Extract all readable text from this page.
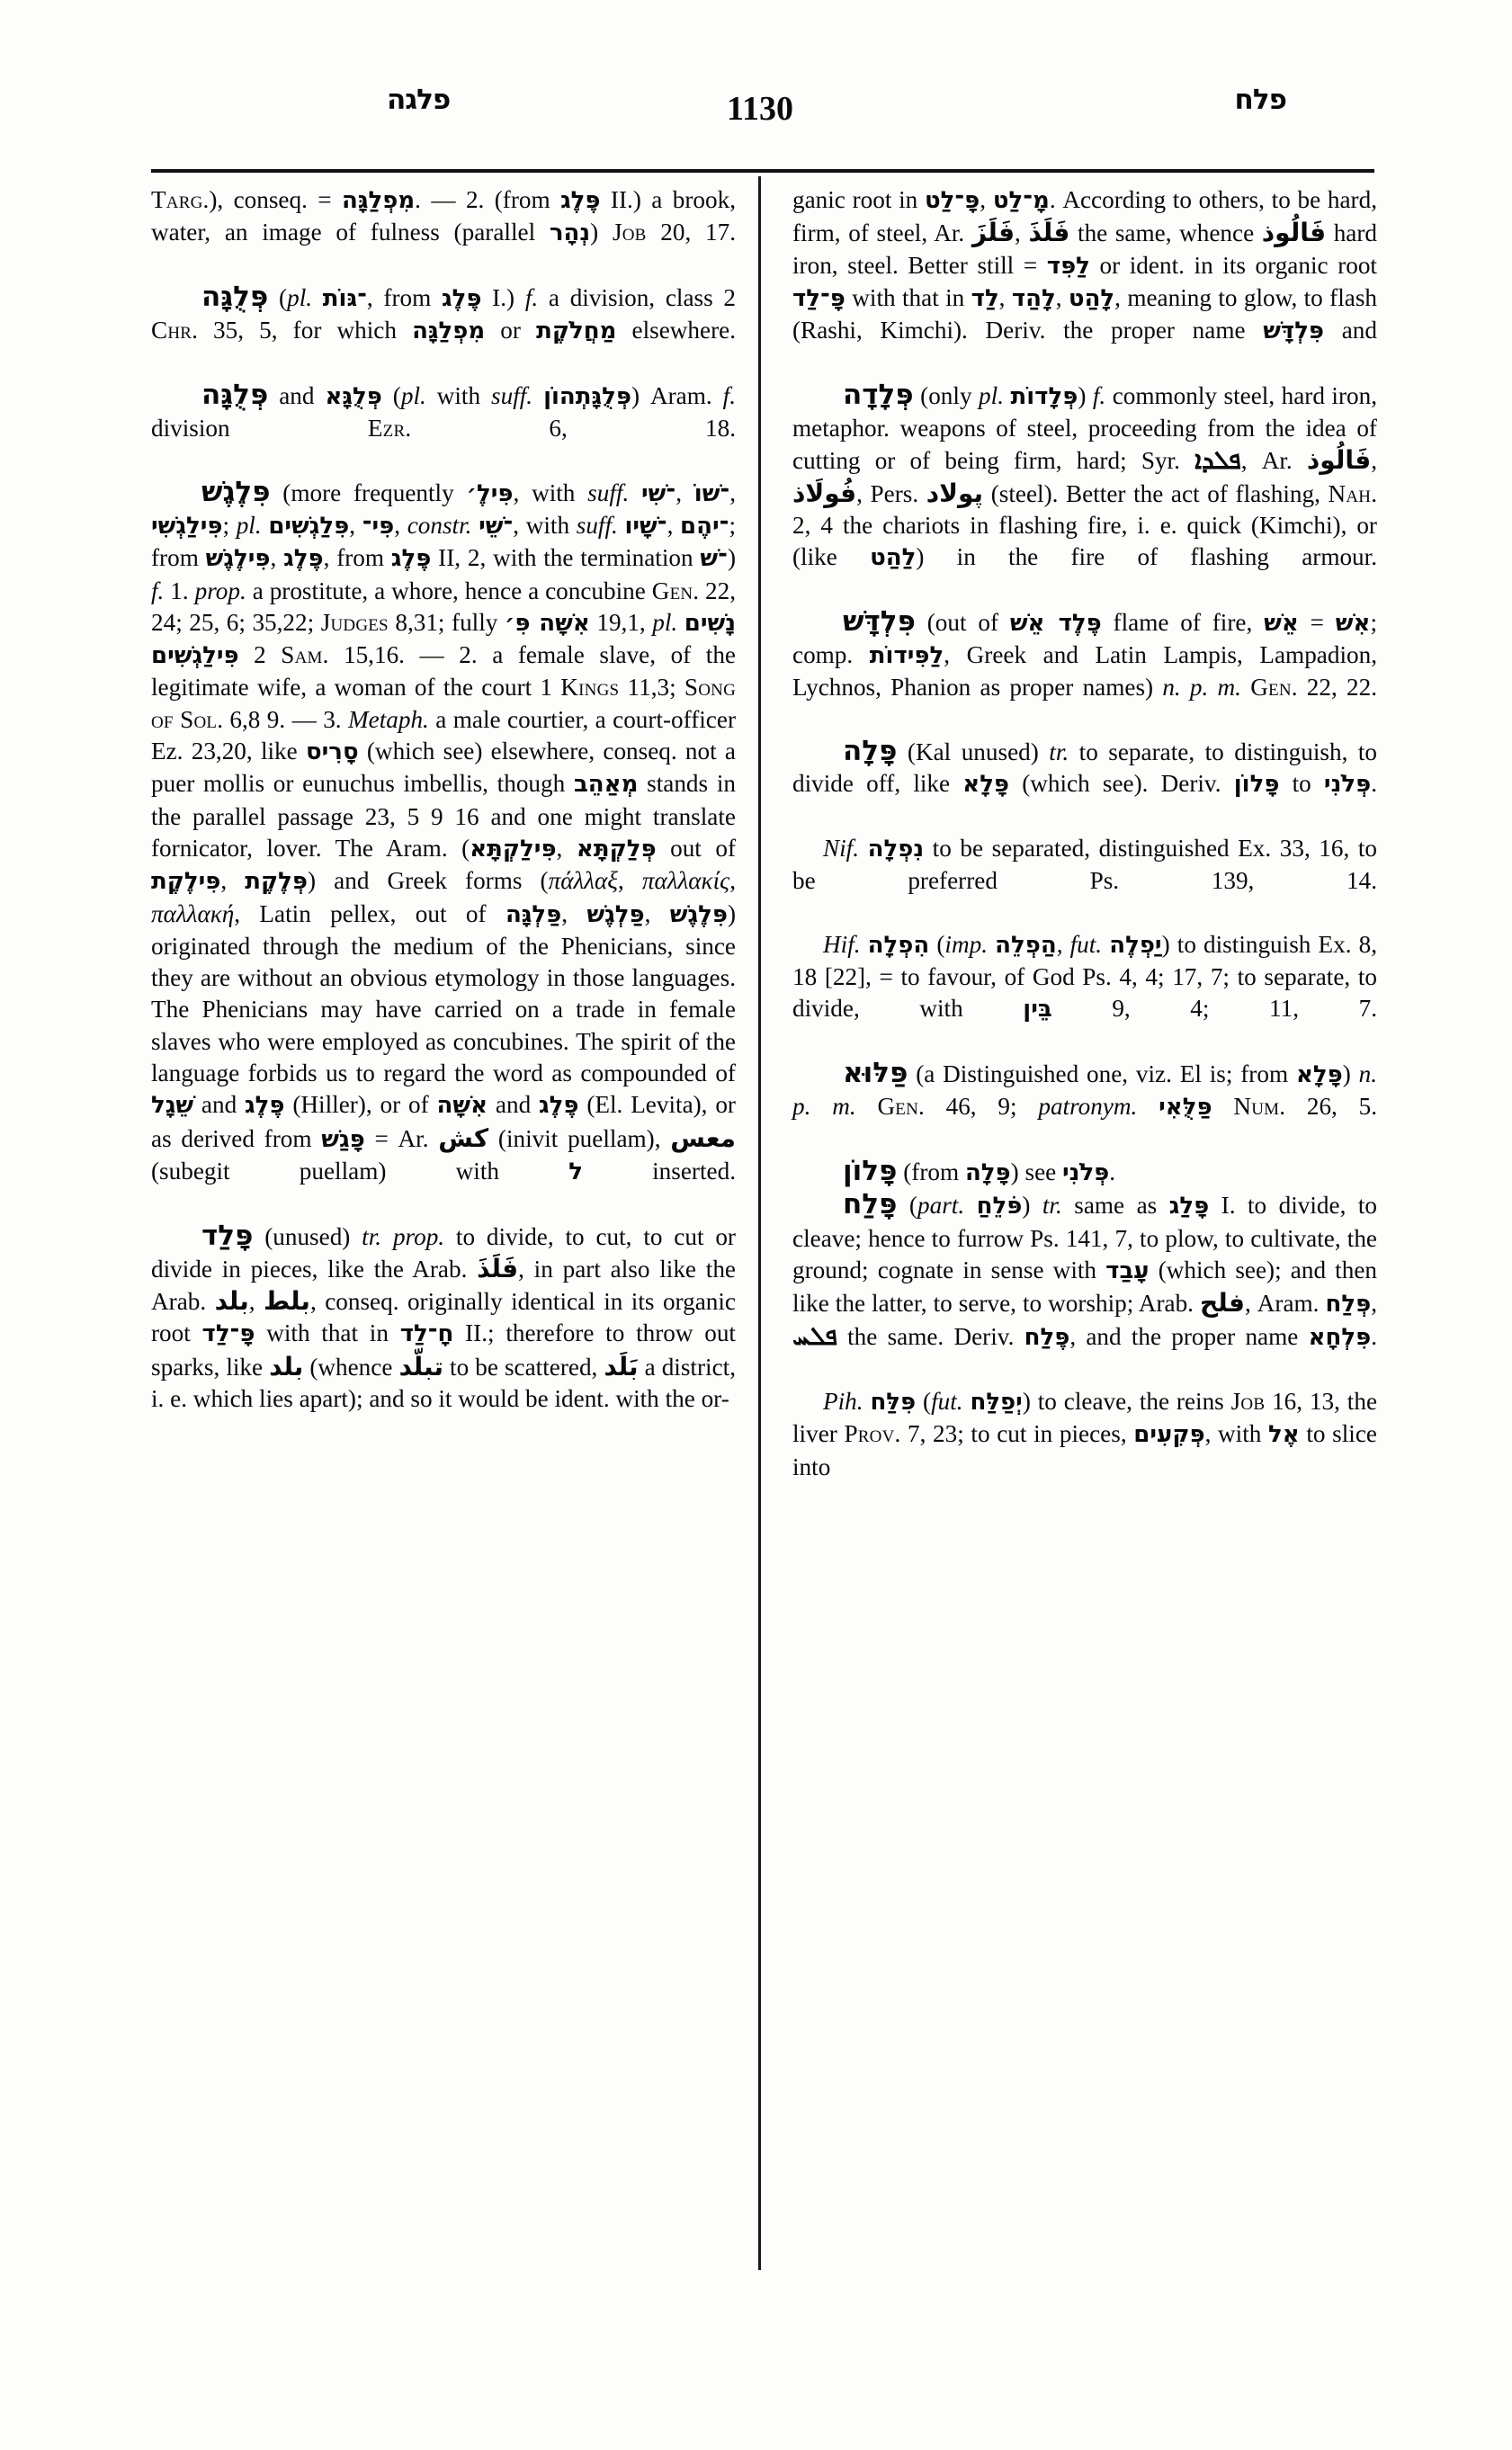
פלגה	1130	פלח

Targ.), conseq. = מִפְלַגָּה. — 2. (from פֶּלֶג II.) a brook, water, an image of fulness (parallel נְהָר) Job 20, 17.

פְּלֻגָּה (pl. ־גּוֹת, from פֶּלֶג I.) f. a division, class 2 Chr. 35, 5, for which מִפְלַגָּה or מַחֲלֹקֶת elsewhere.

פְּלֻגָּה and פְּלֻגָּא (pl. with suff. פְּלֻגָּתְהוֹן) Aram. f. division Ezr. 6, 18.

פִּלֶגֶשׁ (more frequently פִּילֶ׳, with suff. ־שִׁי, ־שׁוֹ, פִּילַגְשִׁי; pl. פִּלַגְשִׁים, פִּי־, constr. ־שֵׁי, with suff. ־שָׁיו, ־יהֶם; from פִּילֶגֶשׁ, פֶּלֶג, from פֶּלֶג II, 2, with the termination ־שׁ) f. 1. prop. a prostitute, a whore, hence a concubine Gen. 22, 24; 25, 6; 35,22; Judges 8,31; fully אִשָּׁה פִּ׳ 19,1, pl. נָשִׁים פִּילַגְשִׁים 2 Sam. 15,16. — 2. a female slave, of the legitimate wife, a woman of the court 1 Kings 11,3; Song of Sol. 6,8 9. — 3. Metaph. a male courtier, a court-officer Ez. 23,20, like סָרִיס (which see) elsewhere, conseq. not a puer mollis or eunuchus imbellis, though מְאַהֵב stands in the parallel passage 23, 5 9 16 and one might translate fornicator, lover. The Aram. (פִּילַקְתָּא, פְּלַקְתָּא out of פִּילֶקֶת, פְּלֶקֶת) and Greek forms (πάλλαξ, παλλακίς, παλλακή, Latin pellex, out of פַּלְגָּה, פַּלְגֶשׁ, פִּלֶגֶשׁ) originated through the medium of the Phenicians, since they are without an obvious etymology in those languages. The Phenicians may have carried on a trade in female slaves who were employed as concubines. The spirit of the language forbids us to regard the word as compounded of שֵׁגָל and פֶּלֶג (Hiller), or of אִשָּׁה and פֶּלֶג (El. Levita), or as derived from פָּגַשׁ = Ar. كش (inivit puellam), معس (subegit puellam) with ל inserted.

פָּלַד (unused) tr. prop. to divide, to cut, to cut or divide in pieces, like the Arab. فَلَذَ, in part also like the Arab. بلد, بلط, conseq. originally identical in its organic root פָּ־לַד with that in חָ־לַד II.; therefore to throw out sparks, like بلد (whence تبلّد to be scattered, بَلَد a district, i. e. which lies apart); and so it would be ident. with the or-

ganic root in פָּ־לַט, מָ־לַט. According to others, to be hard, firm, of steel, Ar. فَلَزَ, فَلَذَ the same, whence فَالُوذ hard iron, steel. Better still = לַפִּד or ident. in its organic root פָּ־לַד with that in לַד, לָהַד, לָהַט, meaning to glow, to flash (Rashi, Kimchi). Deriv. the proper name פִּלְדָּשׁ and

פְּלָדָה (only pl. פְּלָדוֹת) f. commonly steel, hard iron, metaphor. weapons of steel, proceeding from the idea of cutting or of being firm, hard; Syr. ܦܠܕܐ, Ar. فَالُوذ, فُولَاذ, Pers. پولاد (steel). Better the act of flashing, Nah. 2, 4 the chariots in flashing fire, i. e. quick (Kimchi), or (like לַהַט) in the fire of flashing armour.

פִּלְדָּשׁ (out of פֶּלֶד אֵשׁ flame of fire, אֵשׁ = אִשׁ; comp. לַפִּידוֹת, Greek and Latin Lampis, Lampadion, Lychnos, Phanion as proper names) n. p. m. Gen. 22, 22.

פָּלָה (Kal unused) tr. to separate, to distinguish, to divide off, like פָּלָא (which see). Deriv. פָּלוֹן to פְּלֹנִי.

Nif. נִפְלָה to be separated, distinguished Ex. 33, 16, to be preferred Ps. 139, 14.

Hif. הִפְלָה (imp. הַפְלֵה, fut. יַפְלֶה) to distinguish Ex. 8, 18 [22], = to favour, of God Ps. 4, 4; 17, 7; to separate, to divide, with בֵּין 9, 4; 11, 7.

פַּלּוּא (a Distinguished one, viz. El is; from פָּלָא) n. p. m. Gen. 46, 9; patronym. פַּלֻּאִי Num. 26, 5.

פָּלוֹן (from פָּלָה) see פְּלֹנִי.

פָּלַח (part. פֹּלֵחַ) tr. same as פָּלַג I. to divide, to cleave; hence to furrow Ps. 141, 7, to plow, to cultivate, the ground; cognate in sense with עָבַד (which see); and then like the latter, to serve, to worship; Arab. فلح, Aram. פְּלַח, ܦܠܚ the same. Deriv. פֶּלַח, and the proper name פִּלְחָא.

Pih. פִּלַּח (fut. יְפַלַּח) to cleave, the reins Job 16, 13, the liver Prov. 7, 23; to cut in pieces, פְּקִעִים, with אֶל to slice into
